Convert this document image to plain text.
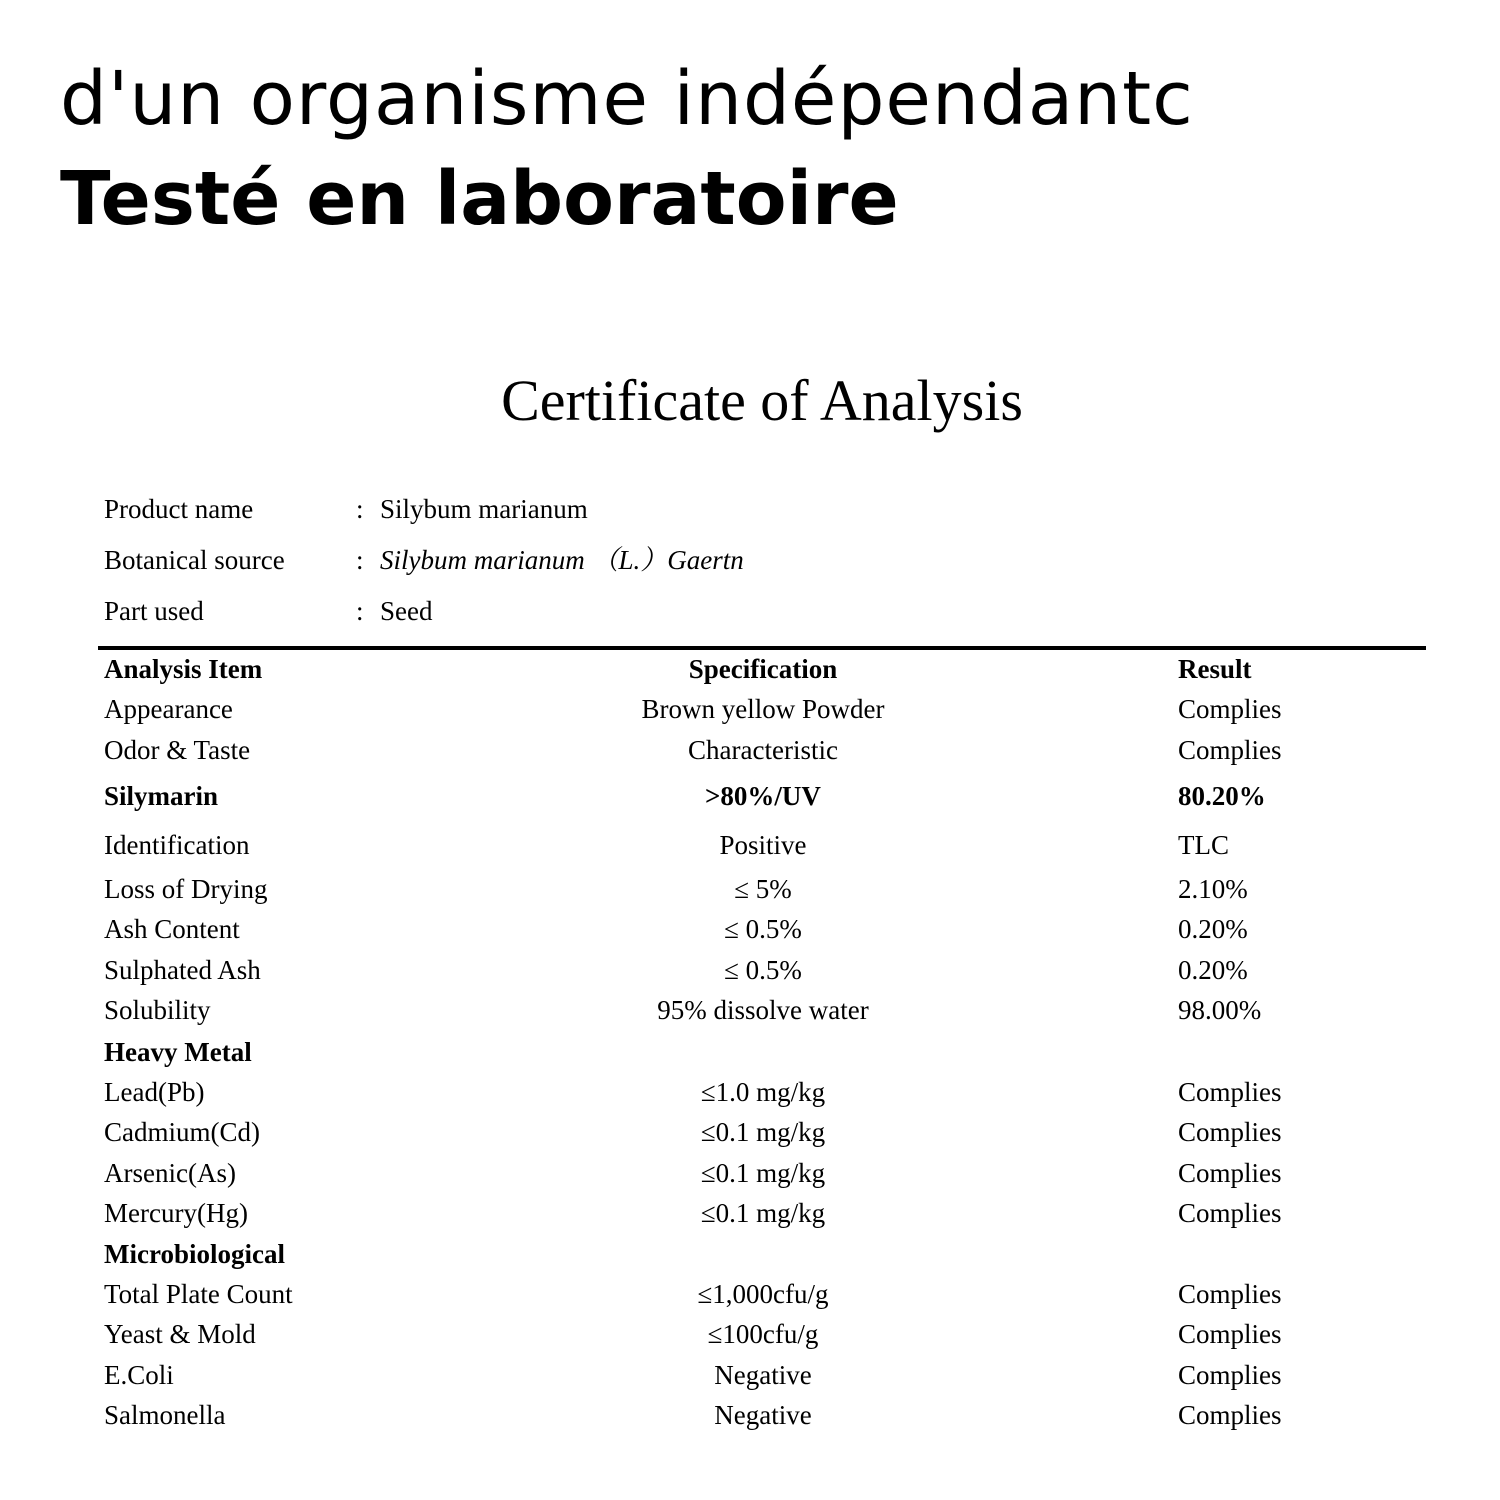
d'un organisme indépendantc
Testé en laboratoire
Certificate of Analysis
Product name	: Silybum marianum
Botanical source	: Silybum marianum （L.）Gaertn
Part used	: Seed
Analysis Item	Specification	Result
Appearance	Brown yellow Powder	Complies
Odor & Taste	Characteristic	Complies
Silymarin	>80%/UV	80.20%
Identification	Positive	TLC
Loss of Drying	≤ 5%	2.10%
Ash Content	≤ 0.5%	0.20%
Sulphated Ash	≤ 0.5%	0.20%
Solubility	95% dissolve water	98.00%
Heavy Metal
Lead(Pb)	≤1.0 mg/kg	Complies
Cadmium(Cd)	≤0.1 mg/kg	Complies
Arsenic(As)	≤0.1 mg/kg	Complies
Mercury(Hg)	≤0.1 mg/kg	Complies
Microbiological
Total Plate Count	≤1,000cfu/g	Complies
Yeast & Mold	≤100cfu/g	Complies
E.Coli	Negative	Complies
Salmonella	Negative	Complies
